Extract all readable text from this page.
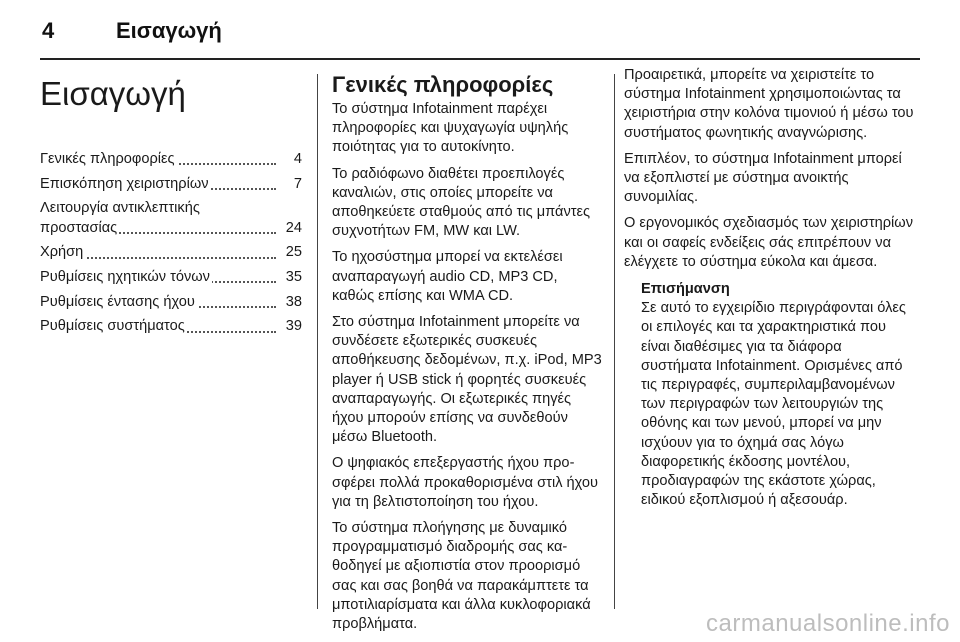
4	Εισαγωγή
Εισαγωγή
Γενικές πληροφορίες	4
Επισκόπηση χειριστηρίων	7
Λειτουργία αντικλεπτικής προστασίας	24
Χρήση	25
Ρυθμίσεις ηχητικών τόνων	35
Ρυθμίσεις έντασης ήχου	38
Ρυθμίσεις συστήματος	39
Γενικές πληροφορίες

Το σύστημα Infotainment παρέχει πληροφορίες και ψυχαγωγία υψηλής ποιότητας για το αυτοκίνητο.

Το ραδιόφωνο διαθέτει προεπιλογές καναλιών, στις οποίες μπορείτε να αποθηκεύετε σταθμούς από τις μπάντες συχνοτήτων FM, MW και LW.

Το ηχοσύστημα μπορεί να εκτελέσει αναπαραγωγή audio CD, MP3 CD, καθώς επίσης και WMA CD.

Στο σύστημα Infotainment μπορείτε να συνδέσετε εξωτερικές συσκευές αποθήκευσης δεδομένων, π.χ. iPod, MP3 player ή USB stick ή φορητές συσκευές αναπαραγωγής. Οι εξωτερικές πηγές ήχου μπορούν επίσης να συνδεθούν μέσω Bluetooth.

Ο ψηφιακός επεξεργαστής ήχου προσφέρει πολλά προκαθορισμένα στιλ ήχου για τη βελτιστοποίηση του ήχου.

Το σύστημα πλοήγησης με δυναμικό προγραμματισμό διαδρομής σας καθοδηγεί με αξιοπιστία στον προορισμό σας και σας βοηθά να παρακάμπτετε τα μποτιλιαρίσματα και άλλα κυκλοφοριακά προβλήματα.

Προαιρετικά, μπορείτε να χειριστείτε το σύστημα Infotainment χρησιμοποιώντας τα χειριστήρια στην κολόνα τιμονιού ή μέσω του συστήματος φωνητικής αναγνώρισης.

Επιπλέον, το σύστημα Infotainment μπορεί να εξοπλιστεί με σύστημα ανοικτής συνομιλίας.

Ο εργονομικός σχεδιασμός των χειριστηρίων και οι σαφείς ενδείξεις σάς επιτρέπουν να ελέγχετε το σύστημα εύκολα και άμεσα.

Επισήμανση
Σε αυτό το εγχειρίδιο περιγράφονται όλες οι επιλογές και τα χαρακτηριστικά που είναι διαθέσιμες για τα διάφορα συστήματα Infotainment. Ορισμένες από τις περιγραφές, συμπεριλαμβανομένων των περιγραφών των λειτουργιών της οθόνης και των μενού, μπορεί να μην ισχύουν για το όχημά σας λόγω διαφορετικής έκδοσης μοντέλου, προδιαγραφών της εκάστοτε χώρας, ειδικού εξοπλισμού ή αξεσουάρ.
carmanualsonline.info
